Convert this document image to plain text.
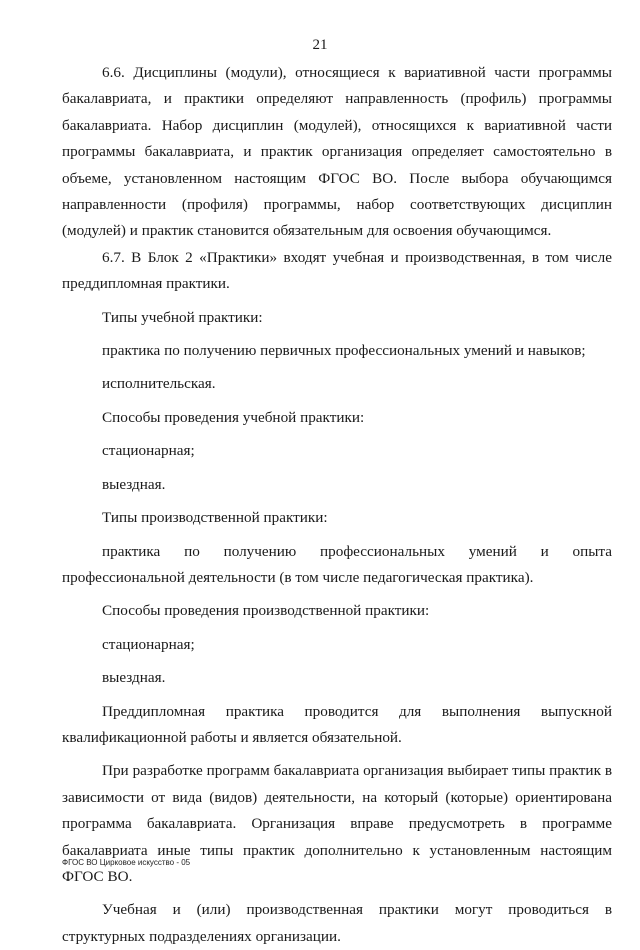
21

6.6. Дисциплины (модули), относящиеся к вариативной части программы бакалавриата, и практики определяют направленность (профиль) программы бакалавриата. Набор дисциплин (модулей), относящихся к вариативной части программы бакалавриата, и практик организация определяет самостоятельно в объеме, установленном настоящим ФГОС ВО. После выбора обучающимся направленности (профиля) программы, набор соответствующих дисциплин (модулей) и практик становится обязательным для освоения обучающимся.

6.7. В Блок 2 «Практики» входят учебная и производственная, в том числе преддипломная практики.

Типы учебной практики:

практика по получению первичных профессиональных умений и навыков;

исполнительская.

Способы проведения учебной практики:

стационарная;

выездная.

Типы производственной практики:

практика по получению профессиональных умений и опыта профессиональной деятельности (в том числе педагогическая практика).

Способы проведения производственной практики:

стационарная;

выездная.

Преддипломная практика проводится для выполнения выпускной квалификационной работы и является обязательной.

При разработке программ бакалавриата организация выбирает типы практик в зависимости от вида (видов) деятельности, на который (которые) ориентирована программа бакалавриата. Организация вправе предусмотреть в программе бакалавриата иные типы практик дополнительно к установленным настоящим ФГОС ВО.

Учебная и (или) производственная практики могут проводиться в структурных подразделениях организации.

ФГОС ВО Цирковое искусство - 05
